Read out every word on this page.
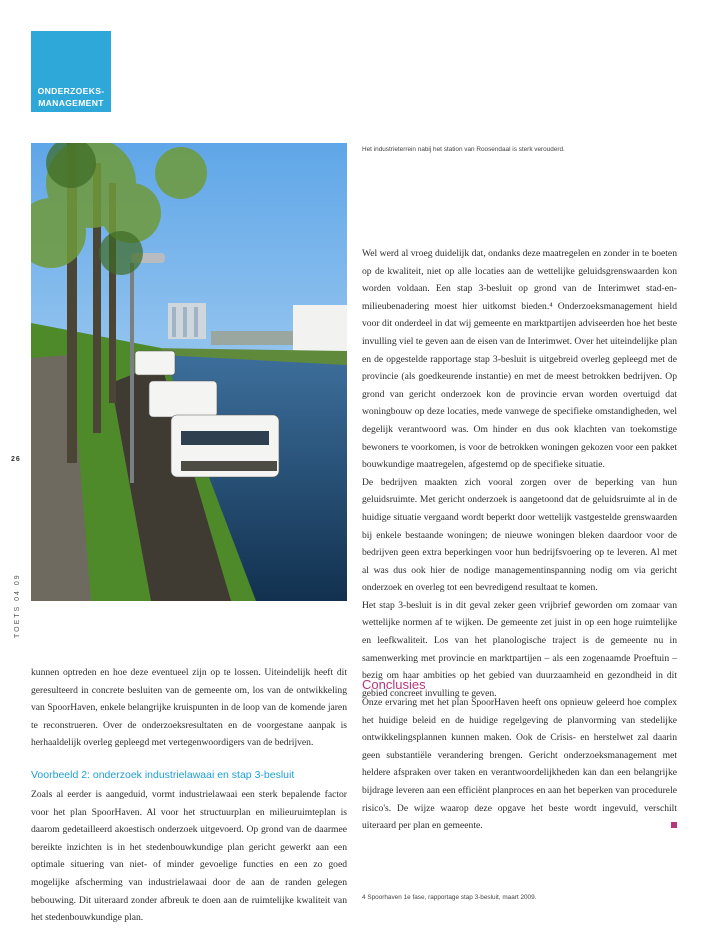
ONDERZOEKS-
MANAGEMENT
Het industrieterrein nabij het station van Roosendaal is sterk verouderd.
26
TOETS 04 09

Wel werd al vroeg duidelijk dat, ondanks deze maatregelen en zonder in te boeten op de kwaliteit, niet op alle locaties aan de wettelijke geluidsgrenswaarden kon worden voldaan. Een stap 3-besluit op grond van de Interimwet stad-en-milieubenadering moest hier uitkomst bieden.⁴ Onderzoeksmanagement hield voor dit onderdeel in dat wij gemeente en marktpartijen adviseerden hoe het beste invulling viel te geven aan de eisen van de Interimwet. Over het uiteindelijke plan en de opgestelde rapportage stap 3-besluit is uitgebreid overleg gepleegd met de provincie (als goedkeurende instantie) en met de meest betrokken bedrijven. Op grond van gericht onderzoek kon de provincie ervan worden overtuigd dat woningbouw op deze locaties, mede vanwege de specifieke omstandigheden, wel degelijk verantwoord was. Om hinder en dus ook klachten van toekomstige bewoners te voorkomen, is voor de betrokken woningen gekozen voor een pakket bouwkundige maatregelen, afgestemd op de specifieke situatie.

De bedrijven maakten zich vooral zorgen over de beperking van hun geluidsruimte. Met gericht onderzoek is aangetoond dat de geluidsruimte al in de huidige situatie vergaand wordt beperkt door wettelijk vastgestelde grenswaarden bij enkele bestaande woningen; de nieuwe woningen bleken daardoor voor de bedrijven geen extra beperkingen voor hun bedrijfsvoering op te leveren. Al met al was dus ook hier de nodige managementinspanning nodig om via gericht onderzoek en overleg tot een bevredigend resultaat te komen.

Het stap 3-besluit is in dit geval zeker geen vrijbrief geworden om zomaar van wettelijke normen af te wijken. De gemeente zet juist in op een hoge ruimtelijke en leefkwaliteit. Los van het planologische traject is de gemeente nu in samenwerking met provincie en marktpartijen – als een zogenaamde Proeftuin – bezig om haar ambities op het gebied van duurzaamheid en gezondheid in dit gebied concreet invulling te geven.

Conclusies

Onze ervaring met het plan SpoorHaven heeft ons opnieuw geleerd hoe complex het huidige beleid en de huidige regelgeving de planvorming van stedelijke ontwikkelingsplannen kunnen maken. Ook de Crisis- en herstelwet zal daarin geen substantiële verandering brengen. Gericht onderzoeksmanagement met heldere afspraken over taken en verantwoordelijkheden kan dan een belangrijke bijdrage leveren aan een efficiënt planproces en aan het beperken van procedurele risico's. De wijze waarop deze opgave het beste wordt ingevuld, verschilt uiteraard per plan en gemeente.

kunnen optreden en hoe deze eventueel zijn op te lossen. Uiteindelijk heeft dit geresulteerd in concrete besluiten van de gemeente om, los van de ontwikkeling van SpoorHaven, enkele belangrijke kruispunten in de loop van de komende jaren te reconstrueren. Over de onderzoeksresultaten en de voorgestane aanpak is herhaaldelijk overleg gepleegd met vertegenwoordigers van de bedrijven.

Voorbeeld 2: onderzoek industrielawaai en stap 3-besluit

Zoals al eerder is aangeduid, vormt industrielawaai een sterk bepalende factor voor het plan SpoorHaven. Al voor het structuurplan en milieuruimteplan is daarom gedetailleerd akoestisch onderzoek uitgevoerd. Op grond van de daarmee bereikte inzichten is in het stedenbouwkundige plan gericht gewerkt aan een optimale situering van niet- of minder gevoelige functies en een zo goed mogelijke afscherming van industrielawaai door de aan de randen gelegen bebouwing. Dit uiteraard zonder afbreuk te doen aan de ruimtelijke kwaliteit van het stedenbouwkundige plan.

4 Spoorhaven 1e fase, rapportage stap 3-besluit, maart 2009.
